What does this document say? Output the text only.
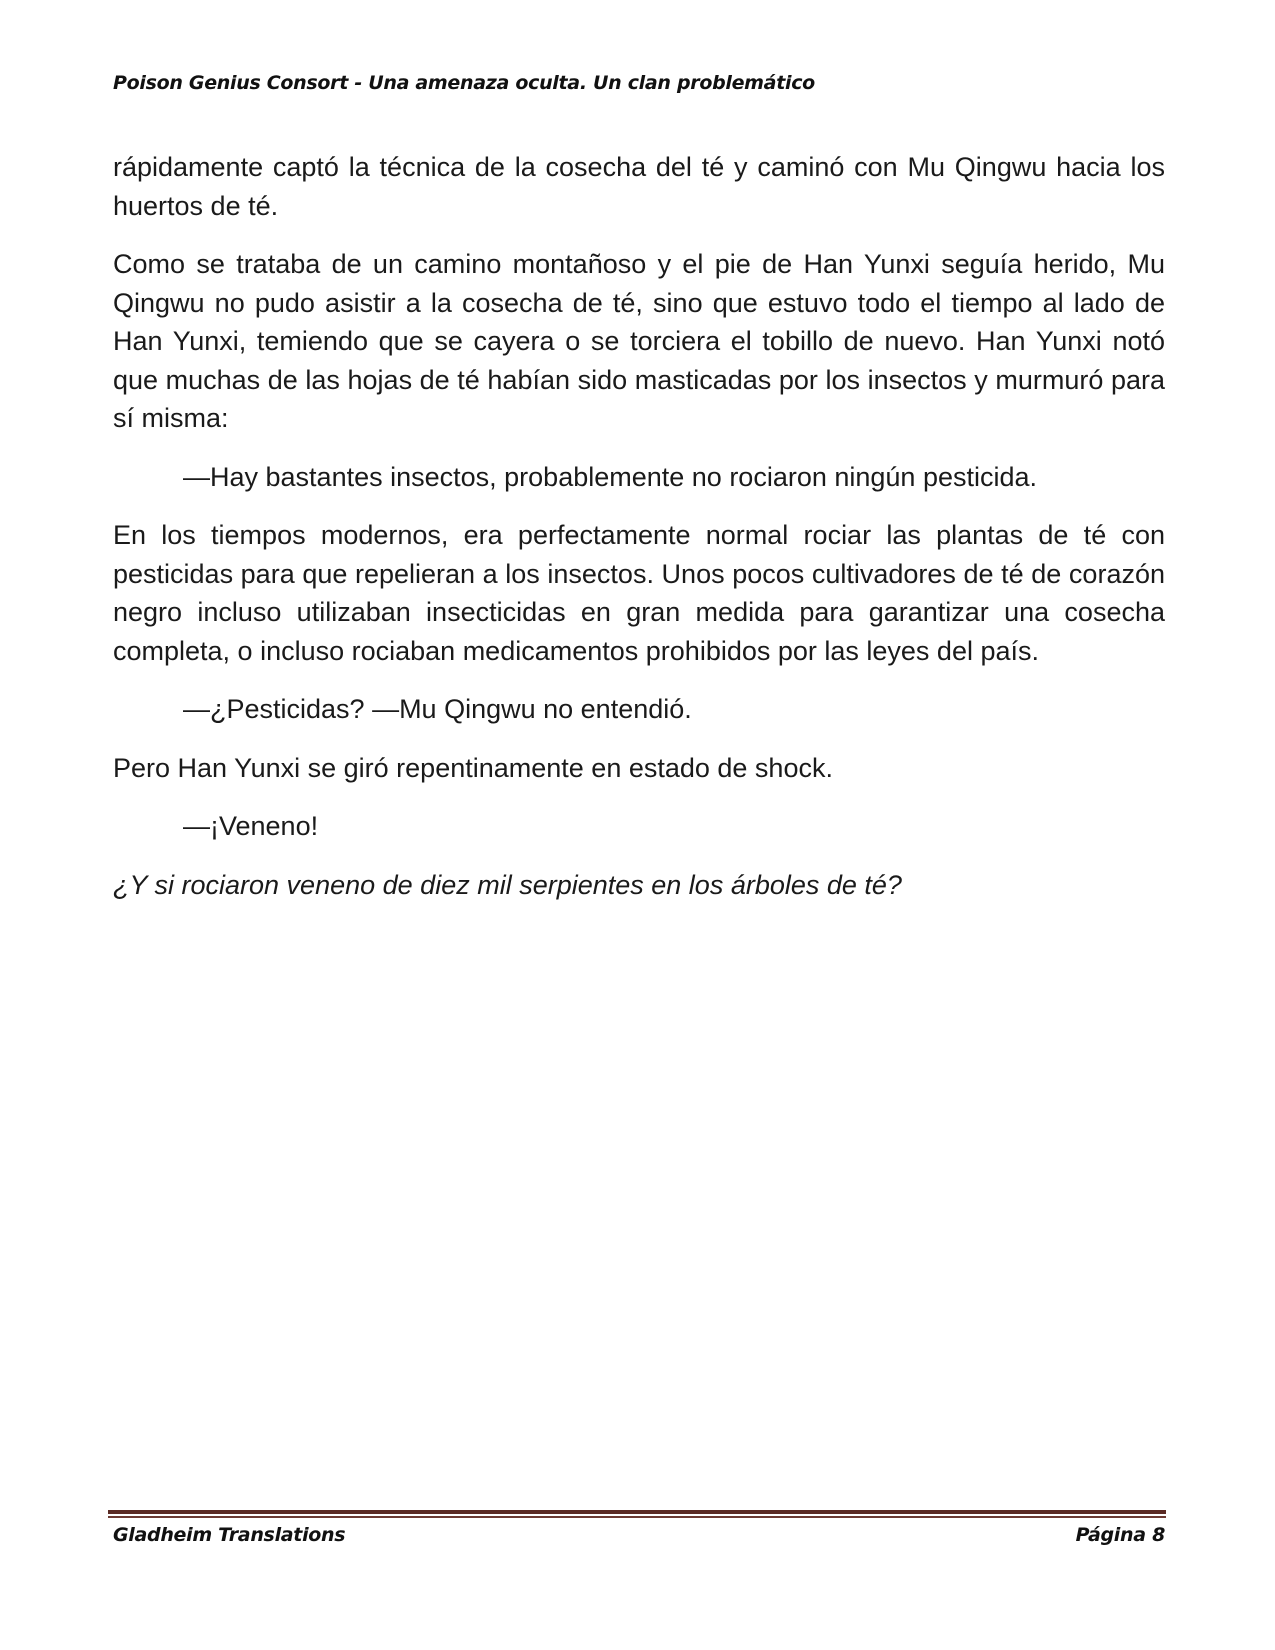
Poison Genius Consort - Una amenaza oculta. Un clan problemático

rápidamente captó la técnica de la cosecha del té y caminó con Mu Qingwu hacia los huertos de té.

Como se trataba de un camino montañoso y el pie de Han Yunxi seguía herido, Mu Qingwu no pudo asistir a la cosecha de té, sino que estuvo todo el tiempo al lado de Han Yunxi, temiendo que se cayera o se torciera el tobillo de nuevo. Han Yunxi notó que muchas de las hojas de té habían sido masticadas por los insectos y murmuró para sí misma:

—Hay bastantes insectos, probablemente no rociaron ningún pesticida.

En los tiempos modernos, era perfectamente normal rociar las plantas de té con pesticidas para que repelieran a los insectos. Unos pocos cultivadores de té de corazón negro incluso utilizaban insecticidas en gran medida para garantizar una cosecha completa, o incluso rociaban medicamentos prohibidos por las leyes del país.

—¿Pesticidas? —Mu Qingwu no entendió.

Pero Han Yunxi se giró repentinamente en estado de shock.

—¡Veneno!

¿Y si rociaron veneno de diez mil serpientes en los árboles de té?

Gladheim Translations	Página 8
